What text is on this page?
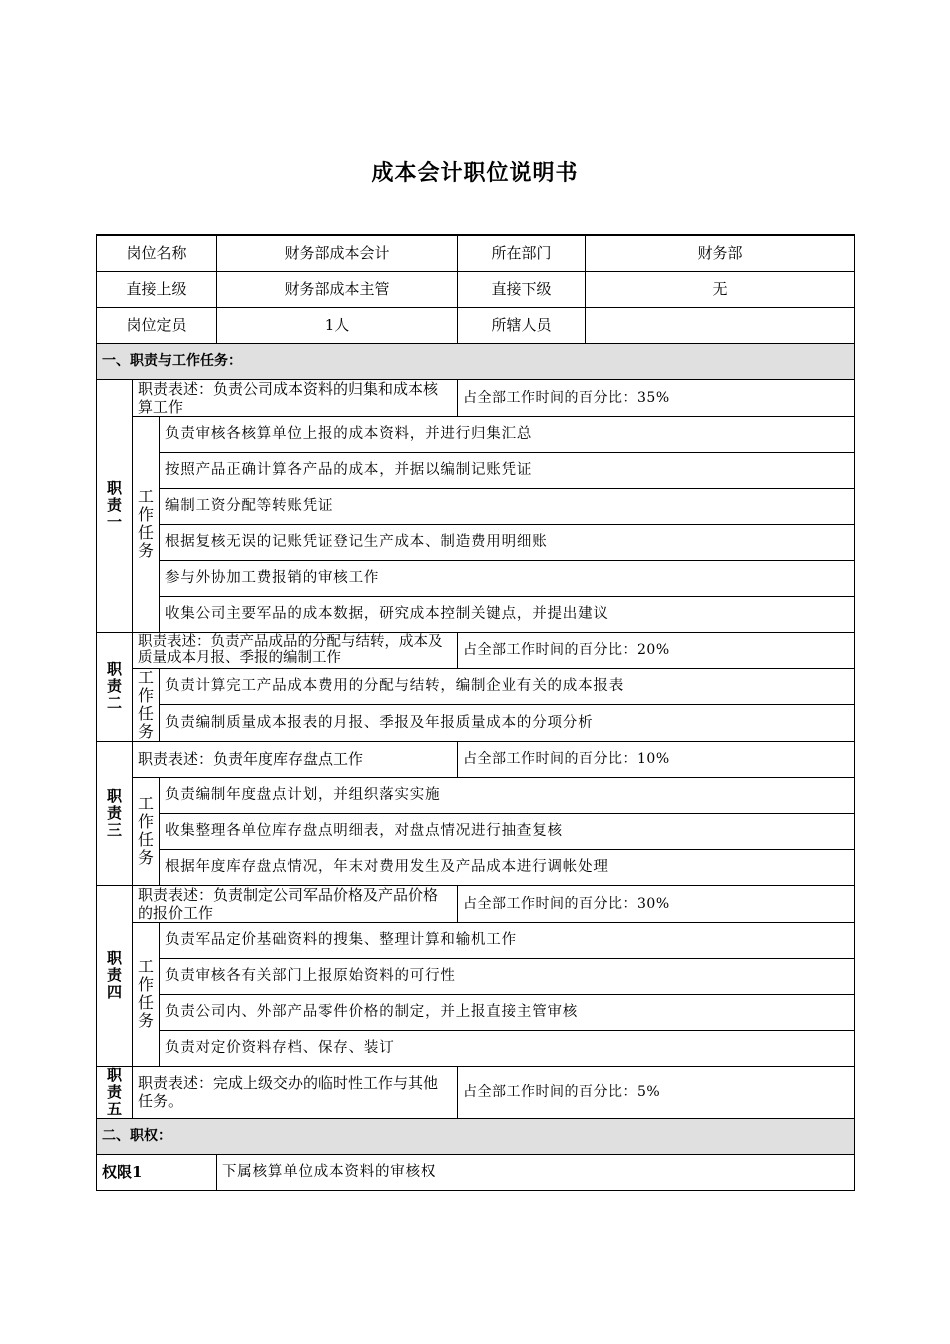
成本会计职位说明书
岗位名称			财务部成本会计	所在部门	财务部
直接上级			财务部成本主管	直接下级	无
岗位定员			1人	所辖人员	
一、职责与工作任务：					

职
责
一	职责表述：负责公司成本资料的归集和成本核算工作			占全部工作时间的百分比：35%	

	工
作
任
务	负责审核各核算单位上报的成本资料，并进行归集汇总			
		按照产品正确计算各产品的成本，并据以编制记账凭证			
		编制工资分配等转账凭证			
		根据复核无误的记账凭证登记生产成本、制造费用明细账			
		参与外协加工费报销的审核工作			
		收集公司主要军品的成本数据，研究成本控制关键点，并提出建议			

职
责
二	职责表述：负责产品成品的分配与结转，成本及质量成本月报、季报的编制工作			占全部工作时间的百分比：20%	

	工
作
任
务	负责计算完工产品成本费用的分配与结转，编制企业有关的成本报表			
		负责编制质量成本报表的月报、季报及年报质量成本的分项分析			

职
责
三	职责表述：负责年度库存盘点工作			占全部工作时间的百分比：10%	

	工
作
任
务	负责编制年度盘点计划，并组织落实实施			
		收集整理各单位库存盘点明细表，对盘点情况进行抽查复核			
		根据年度库存盘点情况，年末对费用发生及产品成本进行调帐处理			

职
责
四	职责表述：负责制定公司军品价格及产品价格的报价工作			占全部工作时间的百分比：30%	

	工
作
任
务	负责军品定价基础资料的搜集、整理计算和输机工作			
		负责审核各有关部门上报原始资料的可行性			
		负责公司内、外部产品零件价格的制定，并上报直接主管审核			
		负责对定价资料存档、保存、装订			

职
责
五	职责表述：完成上级交办的临时性工作与其他任务。			占全部工作时间的百分比：5%	
二、职权：					
权限1			下属核算单位成本资料的审核权		
